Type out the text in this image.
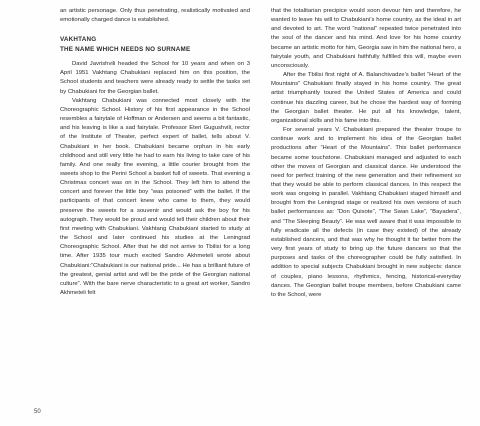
an artistic personage. Only thus penetrating, realistically motivated and emotionally charged dance is established.

VAKHTANG

THE NAME WHICH NEEDS NO SURNAME

David Javrishvili headed the School for 10 years and when on 3 April 1951 Vakhtang Chabukiani replaced him on this position, the School students and teachers were already ready to settle the tasks set by Chabukiani for the Georgian ballet.

Vakhtang Chabukiani was connected most closely with the Choreographic School. History of his first appearance in the School resembles a fairytale of Hoffman or Andersen and seems a bit fantastic, and his leaving is like a sad fairytale. Professor Eteri Gugushvili, rector of the Institute of Theater, perfect expert of ballet, tells about V. Chabukiani in her book. Chabukiani became orphan in his early childhood and still very little he had to earn his living to take care of his family. And one really fine evening, a little courier brought from the sweets shop to the Perini School a basket full of sweets. That evening a Christmas concert was on in the School. They left him to attend the concert and forever the little boy “was poisoned” with the ballet. If the participants of that concert knew who came to them, they would preserve the sweets for a souvenir and would ask the boy for his autograph. They would be proud and would tell their children about their first meeting with Chabukiani. Vakhtang Chabukiani started to study at the School and later continued his studies at the Leningrad Choreographic School. After that he did not arrive to Tbilisi for a long time. After 1935 tour much excited Sandro Akhmeteli wrote about Chabukiani:“Chabukiani is our national pride... He has a brilliant future of the greatest, genial artist and will be the pride of the Georgian national culture”. With the bare nerve characteristic to a great art worker, Sandro Akhmeteli felt

that the totalitarian precipice would soon devour him and therefore, he wanted to leave his will to Chabukiani’s home country, as the ideal in art and devoted to art. The word “national” repeated twice penetrated into the soul of the dancer and his mind. And love for his home country became an artistic motto for him, Georgia saw in him the national hero, a fairytale youth, and Chabukiani faithfully fulfilled this will, maybe even unconsciously.

After the Tbilisi first night of A. Balanchivadze’s ballet “Heart of the Mountains” Chabukiani finally stayed in his home country. The great artist triumphantly toured the United States of America and could continue his dazzling career, but he chose the hardest way of forming the Georgian ballet theater. He put all his knowledge, talent, organizational skills and his fame into this.

For several years V. Chabukiani prepared the theater troupe to continue work and to implement his idea of the Georgian ballet productions after “Heart of the Mountains”. This ballet performance became some touchstone. Chabukiani managed and adjusted to each other the moves of Georgian and classical dance. He understood the need for perfect training of the new generation and their refinement so that they would be able to perform classical dances. In this respect the work was ongoing in parallel. Vakhtang Chabukiani staged himself and brought from the Leningrad stage or realized his own versions of such ballet performances as: “Don Quixote”, “The Swan Lake”, “Bayadera”, and “The Sleeping Beauty”. He was well aware that it was impossible to fully eradicate all the defects (in case they existed) of the already established dancers, and that was why he thought it far better from the very first years of study to bring up the future dancers so that the purposes and tasks of the choreographer could be fully satisfied. In addition to special subjects Chabukiani brought in new subjects: dance of couples, piano lessons, rhythmics, fencing, historical-everyday dances. The Georgian ballet troupe members, before Chabukiani came to the School, were

50
